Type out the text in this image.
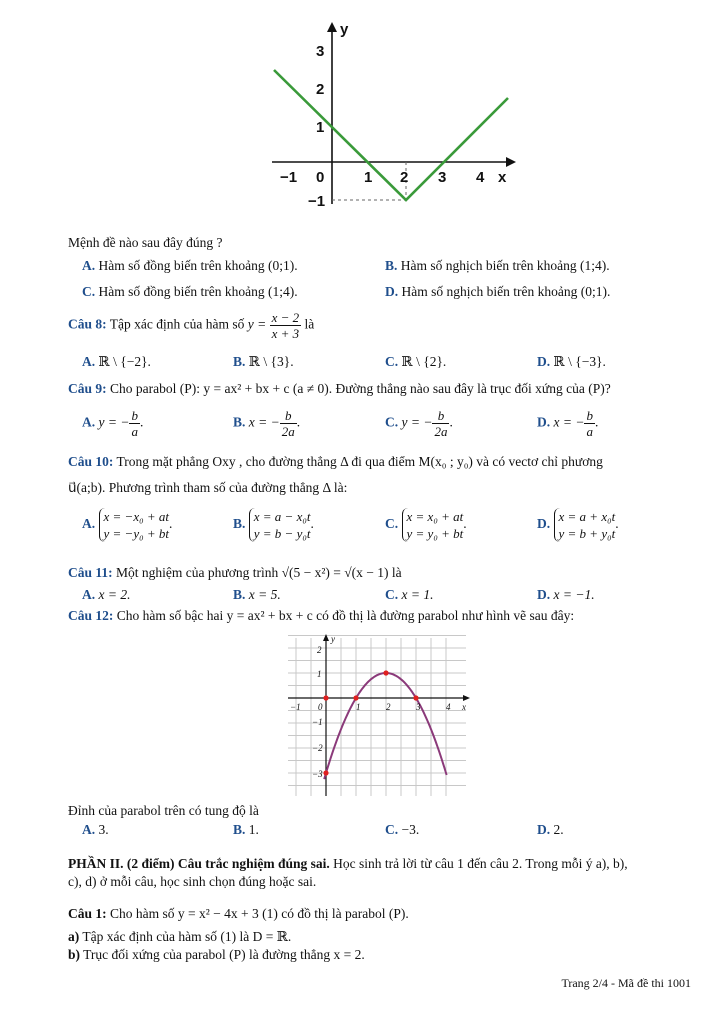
y
x
0
−1	1 2 3 4
3
2
1
−1
Mệnh đề nào sau đây đúng ?
A. Hàm số đồng biến trên khoảng (0;1).	B. Hàm số nghịch biến trên khoảng (1;4).
C. Hàm số đồng biến trên khoảng (1;4).	D. Hàm số nghịch biến trên khoảng (0;1).
Câu 8: Tập xác định của hàm số $y = \frac{x - 2}{x + 3}$ là
A. ℝ \ {−2}.	B. ℝ \ {3}.	C. ℝ \ {2}.	D. ℝ \ {−3}.
Câu 9: Cho parabol (P): y = ax² + bx + c (a ≠ 0). Đường thẳng nào sau đây là trục đối xứng của (P)?
A. y = − $\frac{b}{a}$ .	B. x = − $\frac{b}{2a}$ .	C. y = − $\frac{b}{2a}$ .	D. x = − $\frac{b}{a}$ .
Câu 10: Trong mặt phẳng Oxy , cho đường thẳng Δ đi qua điểm M(x₀ ; y₀) và có vectơ chỉ phương
u⃗(a;b). Phương trình tham số của đường thẳng Δ là:
A. x = −x₀ + at
y = −y₀ + bt.	B. x = a − x₀t
y = b − y₀t.	C. x = x₀ + at
y = y₀ + bt.	D. x = a + x₀t
y = b + y₀t.
Câu 11: Một nghiệm của phương trình √(5 − x²) = √(x − 1) là
A. x = 2.	B. x = 5.	C. x = 1.	D. x = −1.
Câu 12: Cho hàm số bậc hai y = ax² + bx + c có đồ thị là đường parabol như hình vẽ sau đây:
y
x
0
−1	1	2	3	4
2
1
−1
−2
−3
Đỉnh của parabol trên có tung độ là
A. 3.	B. 1.	C. −3.	D. 2.
PHẦN II. (2 điểm) Câu trắc nghiệm đúng sai. Học sinh trả lời từ câu 1 đến câu 2. Trong mỗi ý a), b),
c), d) ở mỗi câu, học sinh chọn đúng hoặc sai.
Câu 1: Cho hàm số y = x² − 4x + 3 (1) có đồ thị là parabol (P).
a) Tập xác định của hàm số (1) là D = ℝ.
b) Trục đối xứng của parabol (P) là đường thẳng x = 2.
Trang 2/4 - Mã đề thi 1001
